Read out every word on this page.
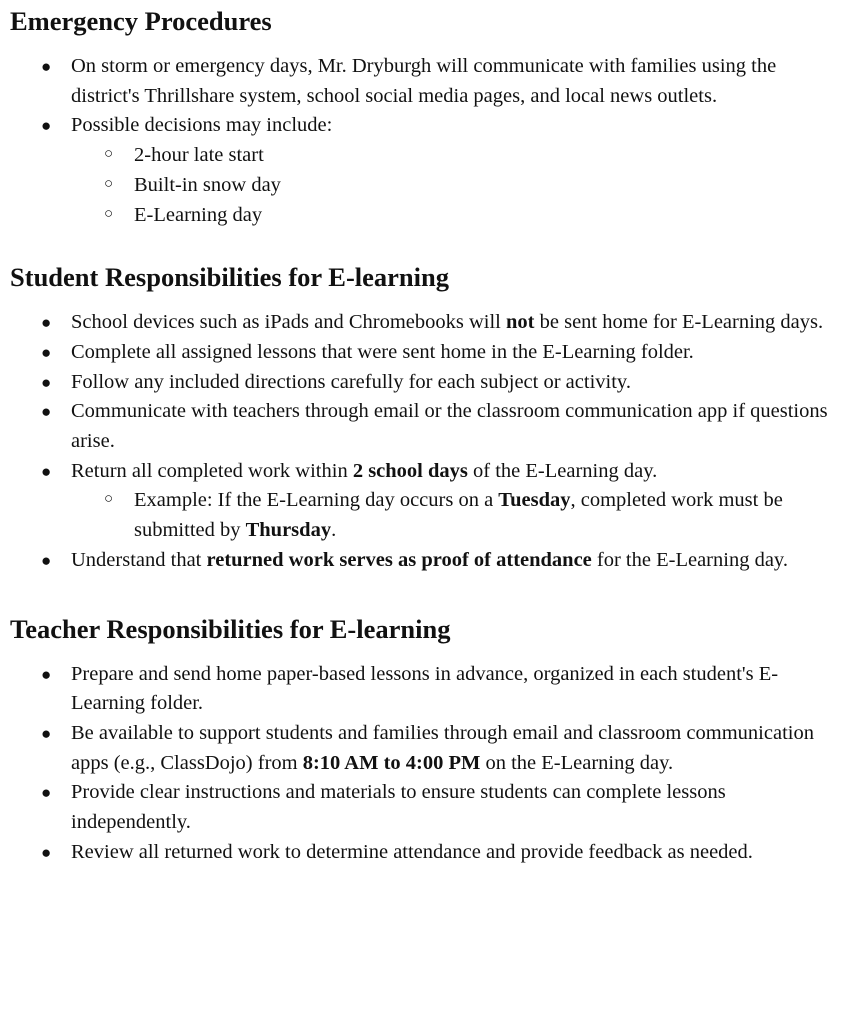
Emergency Procedures
● On storm or emergency days, Mr. Dryburgh will communicate with families using the district's Thrillshare system, school social media pages, and local news outlets.
● Possible decisions may include:
○ 2-hour late start
○ Built-in snow day
○ E-Learning day
Student Responsibilities for E-learning
● School devices such as iPads and Chromebooks will not be sent home for E-Learning days.
● Complete all assigned lessons that were sent home in the E-Learning folder.
● Follow any included directions carefully for each subject or activity.
● Communicate with teachers through email or the classroom communication app if questions arise.
● Return all completed work within 2 school days of the E-Learning day.
○ Example: If the E-Learning day occurs on a Tuesday, completed work must be submitted by Thursday.
● Understand that returned work serves as proof of attendance for the E-Learning day.
Teacher Responsibilities for E-learning
● Prepare and send home paper-based lessons in advance, organized in each student's E-Learning folder.
● Be available to support students and families through email and classroom communication apps (e.g., ClassDojo) from 8:10 AM to 4:00 PM on the E-Learning day.
● Provide clear instructions and materials to ensure students can complete lessons independently.
● Review all returned work to determine attendance and provide feedback as needed.
